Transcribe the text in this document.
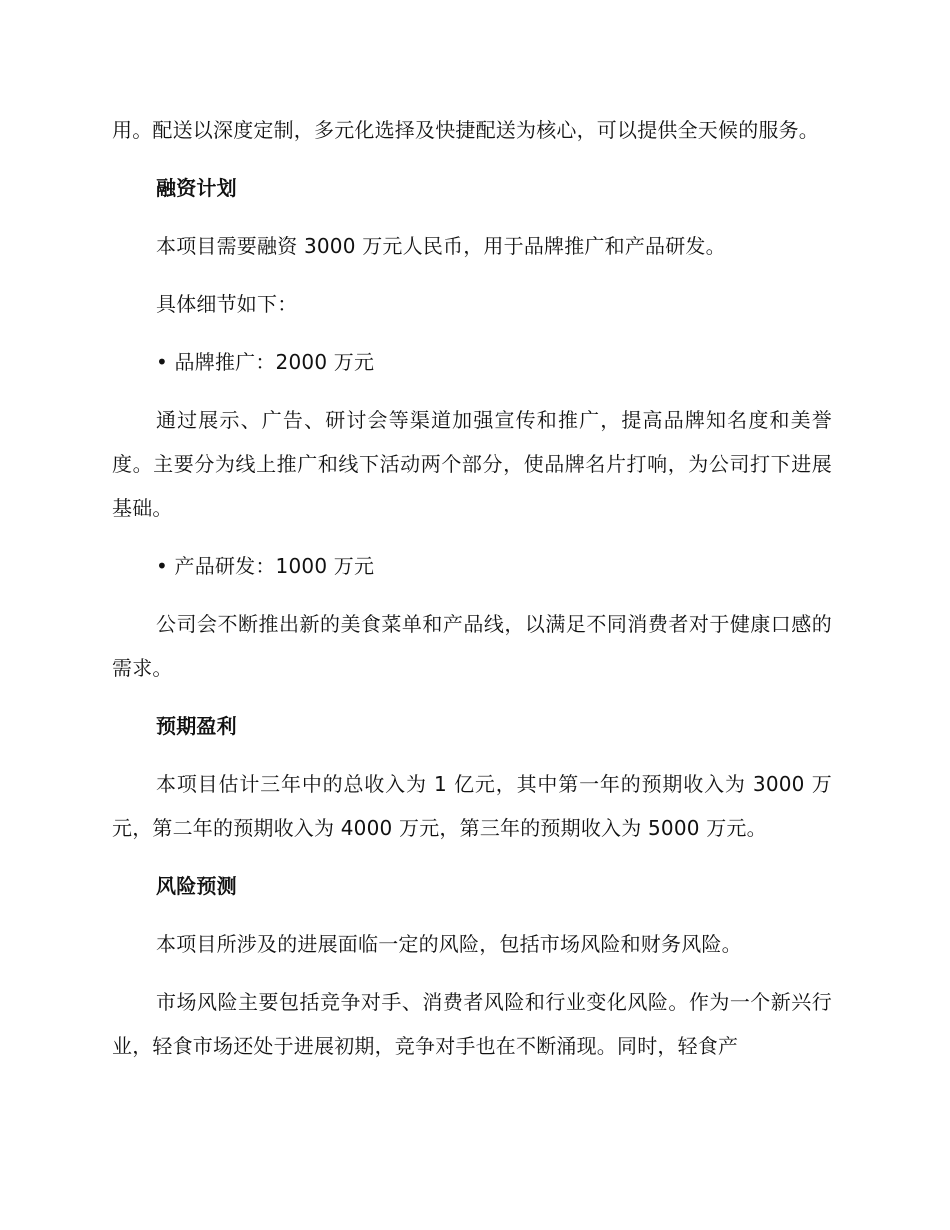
用。配送以深度定制，多元化选择及快捷配送为核心，可以提供全天候的服务。

融资计划

本项目需要融资 3000 万元人民币，用于品牌推广和产品研发。

具体细节如下：

• 品牌推广：2000 万元

通过展示、广告、研讨会等渠道加强宣传和推广，提高品牌知名度和美誉度。主要分为线上推广和线下活动两个部分，使品牌名片打响，为公司打下进展基础。

• 产品研发：1000 万元

公司会不断推出新的美食菜单和产品线，以满足不同消费者对于健康口感的需求。

预期盈利

本项目估计三年中的总收入为 1 亿元，其中第一年的预期收入为 3000 万元，第二年的预期收入为 4000 万元，第三年的预期收入为 5000 万元。

风险预测

本项目所涉及的进展面临一定的风险，包括市场风险和财务风险。

市场风险主要包括竞争对手、消费者风险和行业变化风险。作为一个新兴行业，轻食市场还处于进展初期，竞争对手也在不断涌现。同时，轻食产
